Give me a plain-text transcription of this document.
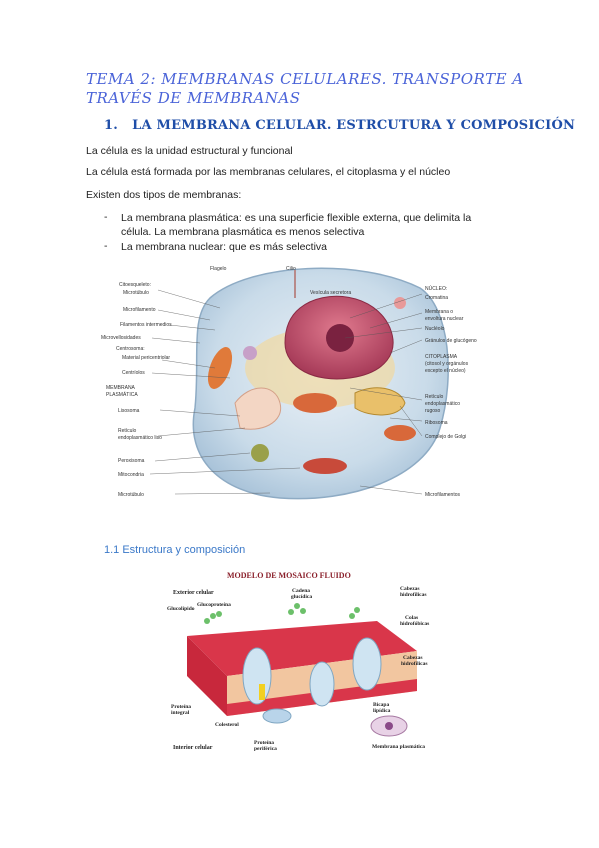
TEMA 2: MEMBRANAS CELULARES. TRANSPORTE A TRAVÉS DE MEMBRANAS
1. LA MEMBRANA CELULAR. ESTRCUTURA Y COMPOSICIÓN
La célula es la unidad estructural y funcional
La célula está formada por las membranas celulares, el citoplasma y el núcleo
Existen dos tipos de membranas:
- La membrana plasmática: es una superficie flexible externa, que delimita la célula. La membrana plasmática es menos selectiva
- La membrana nuclear: que es más selectiva
Flagelo	Cilio
Vesícula secretora
Citoesqueleto:
Microtúbulo
Microfilamento
Filamentos intermedios
Microvellosidades
Centrosoma:
Material pericentriolar
Centríolos
MEMBRANA
PLASMÁTICA
Lisosoma
Retículo
endoplasmático liso
Peroxisoma
Mitocondria
Microtúbulo
NÚCLEO:
Cromatina
Membrana o
envoltura nuclear
Nucléolo
Gránulos de glucógeno
CITOPLASMA
(citosol y orgánulos
excepto el núcleo)
Retículo
endoplasmático
rugoso
Ribosoma
Complejo de Golgi
Microfilamentos
1.1 Estructura y composición
MODELO DE MOSAICO FLUIDO
Exterior celular
Interior celular
Glucolípido
Glucoproteína
Cadena
glucídica
Cabezas
hidrofílicas
Colas
hidrofóbicas
Cabezas
hidrofílicas
Bicapa
lipídica
Proteína
integral
Colesterol
Proteína
periférica	Membrana plasmática
